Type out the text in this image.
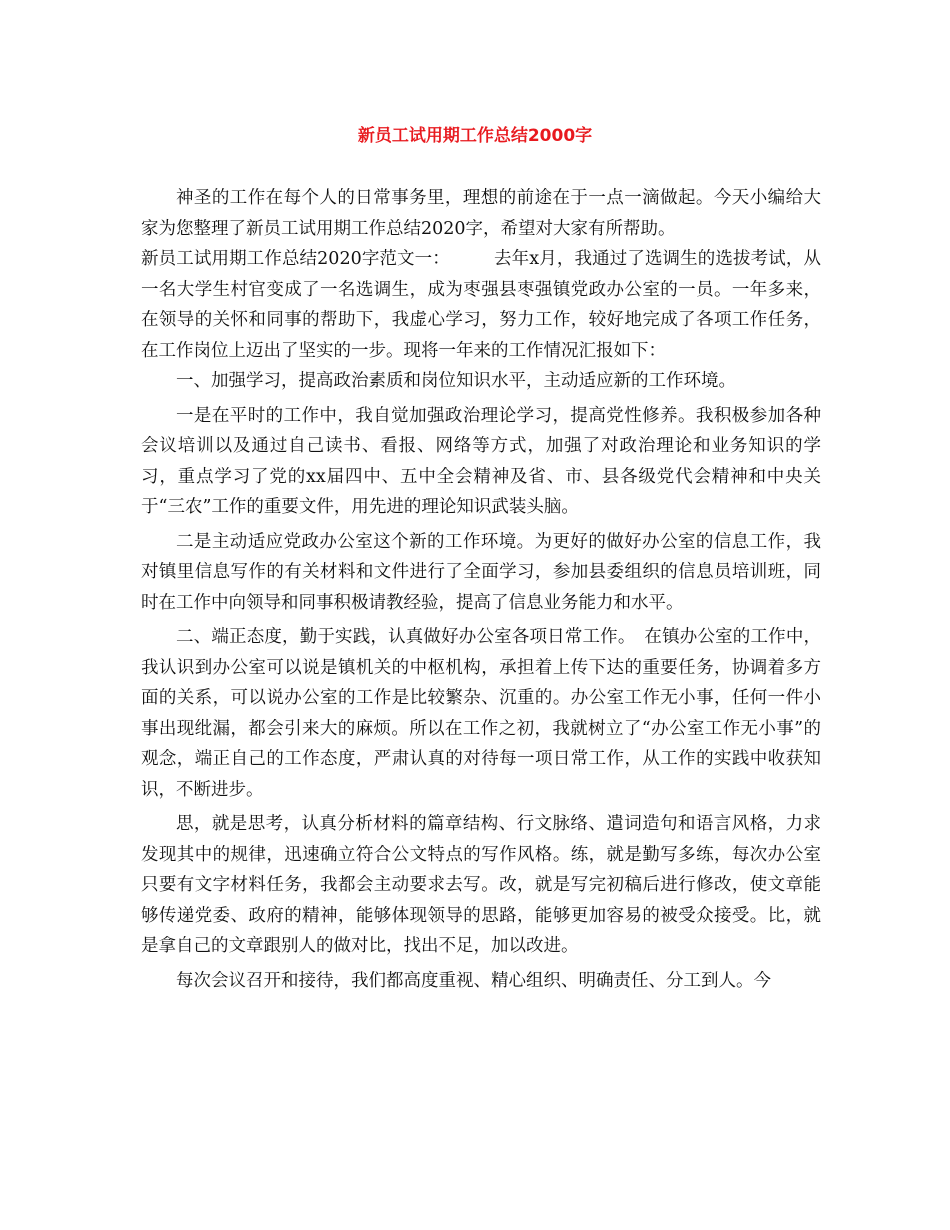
新员工试用期工作总结2000字

神圣的工作在每个人的日常事务里，理想的前途在于一点一滴做起。今天小编给大家为您整理了新员工试用期工作总结2020字，希望对大家有所帮助。

新员工试用期工作总结2020字范文一：　　　去年x月，我通过了选调生的选拔考试，从一名大学生村官变成了一名选调生，成为枣强县枣强镇党政办公室的一员。一年多来，在领导的关怀和同事的帮助下，我虚心学习，努力工作，较好地完成了各项工作任务，在工作岗位上迈出了坚实的一步。现将一年来的工作情况汇报如下：

一、加强学习，提高政治素质和岗位知识水平，主动适应新的工作环境。

一是在平时的工作中，我自觉加强政治理论学习，提高党性修养。我积极参加各种会议培训以及通过自己读书、看报、网络等方式，加强了对政治理论和业务知识的学习，重点学习了党的xx届四中、五中全会精神及省、市、县各级党代会精神和中央关于“三农”工作的重要文件，用先进的理论知识武装头脑。

二是主动适应党政办公室这个新的工作环境。为更好的做好办公室的信息工作，我对镇里信息写作的有关材料和文件进行了全面学习，参加县委组织的信息员培训班，同时在工作中向领导和同事积极请教经验，提高了信息业务能力和水平。

二、端正态度，勤于实践，认真做好办公室各项日常工作。　在镇办公室的工作中，我认识到办公室可以说是镇机关的中枢机构，承担着上传下达的重要任务，协调着多方面的关系，可以说办公室的工作是比较繁杂、沉重的。办公室工作无小事，任何一件小事出现纰漏，都会引来大的麻烦。所以在工作之初，我就树立了“办公室工作无小事”的观念，端正自己的工作态度，严肃认真的对待每一项日常工作，从工作的实践中收获知识，不断进步。

思，就是思考，认真分析材料的篇章结构、行文脉络、遣词造句和语言风格，力求发现其中的规律，迅速确立符合公文特点的写作风格。练，就是勤写多练，每次办公室只要有文字材料任务，我都会主动要求去写。改，就是写完初稿后进行修改，使文章能够传递党委、政府的精神，能够体现领导的思路，能够更加容易的被受众接受。比，就是拿自己的文章跟别人的做对比，找出不足，加以改进。

每次会议召开和接待，我们都高度重视、精心组织、明确责任、分工到人。今
